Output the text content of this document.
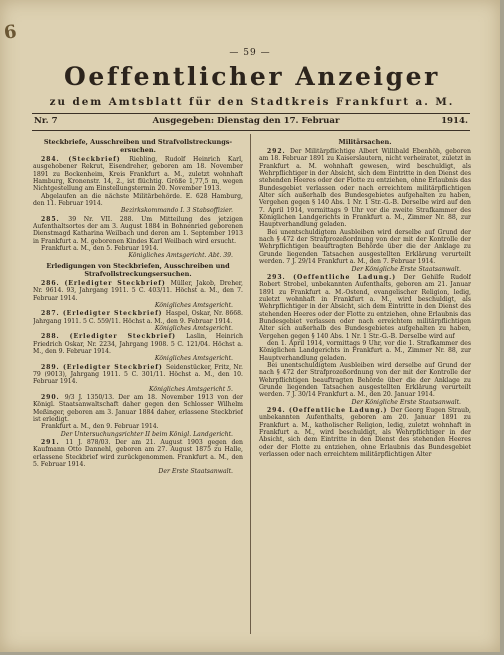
6
— 59 —
Oeffentlicher Anzeiger
zu dem Amtsblatt für den Stadtkreis Frankfurt a. M.
Nr. 7	Ausgegeben: Dienstag den 17. Februar	1914.
Steckbriefe, Ausschreiben und Strafvollstreckungs-ersuchen.

284. (Steckbrief) Riebling, Rudolf Heinrich Karl, ausgehobener Rekrut, Eisendreher, geboren am 18. November 1891 zu Bockenheim, Kreis Frankfurt a. M., zuletzt wohnhaft Hamburg, Kronenstr. 14, 2., ist flüchtig. Größe 1,77,5 m, wegen Nichtgestellung am Einstellungstermin 20. November 1913.

Abgelaufen an die nächste Militärbehörde. E. 628 Hamburg, den 11. Februar 1914.

Bezirkskommando I. 3 Stabsoffizier.

285. 39 Nr. VII. 288. Um Mitteilung des jetzigen Aufenthaltsortes der am 3. August 1884 in Bohnenried geborenen Dienstmagd Katharina Weilbach und deren am 1. September 1913 in Frankfurt a. M. geborenen Kindes Karl Weilbach wird ersucht.

Frankfurt a. M., den 5. Februar 1914.

Königliches Amtsgericht. Abt. 39.

Erledigungen von Steckbriefen, Ausschreiben und Strafvollstreckungsersuchen.

286. (Erledigter Steckbrief) Müller, Jakob, Dreher, Nr. 9614. 93, Jahrgang 1911. 5 C. 403/11. Höchst a. M., den 7. Februar 1914.

Königliches Amtsgericht.

287. (Erledigter Steckbrief) Haspel, Oskar, Nr. 8668. Jahrgang 1911. 5 C. 559/11. Höchst a. M., den 9. Februar 1914.

Königliches Amtsgericht.

288. (Erledigter Steckbrief) Laslin, Heinrich Friedrich Oskar, Nr. 2234, Jahrgang 1908. 5 C. 121/04. Höchst a. M., den 9. Februar 1914.

Königliches Amtsgericht.

289. (Erledigter Steckbrief) Seidenstücker, Fritz, Nr. 79 (9013), Jahrgang 1911. 5 C. 301/11. Höchst a. M., den 10. Februar 1914.

Königliches Amtsgericht 5.

290. 9/3 J. 1350/13. Der am 18. November 1913 von der Königl. Staatsanwaltschaft daher gegen den Schlosser Wilhelm Meßinger, geboren am 3. Januar 1884 daher, erlassene Steckbrief ist erledigt.

Frankfurt a. M., den 9. Februar 1914.

Der Untersuchungsrichter II beim Königl. Landgericht.

291. 11 J. 878/03. Der am 21. August 1903 gegen den Kaufmann Otto Dannehl, geboren am 27. August 1875 zu Halle, erlassene Steckbrief wird zurückgenommen. Frankfurt a. M., den 5. Februar 1914.

Der Erste Staatsanwalt.

Militärsachen.

292. Der Militärpflichtige Albert Willibald Ebenhöh, geboren am 18. Februar 1891 zu Kaiserslautern, nicht verheiratet, zuletzt in Frankfurt a. M. wohnhaft gewesen, wird beschuldigt, als Wehrpflichtiger in der Absicht, sich dem Eintritte in den Dienst des stehenden Heeres oder der Flotte zu entziehen, ohne Erlaubnis das Bundesgebiet verlassen oder nach erreichtem militärpflichtigen Alter sich außerhalb des Bundesgebietes aufgehalten zu haben, Vergehen gegen § 140 Abs. 1 Nr. 1 Str.-G.-B. Derselbe wird auf den 7. April 1914, vormittags 9 Uhr vor die zweite Strafkammer des Königlichen Landgerichts in Frankfurt a. M., Zimmer Nr. 88, zur Hauptverhandlung geladen.

Bei unentschuldigtem Ausbleiben wird derselbe auf Grund der nach § 472 der Strafprozeßordnung von der mit der Kontrolle der Wehrpflichtigen beauftragten Behörde über die der Anklage zu Grunde liegenden Tatsachen ausgestellten Erklärung verurteilt werden. 7 J. 29/14 Frankfurt a. M., den 7. Februar 1914.

Der Königliche Erste Staatsanwalt.

293. (Oeffentliche Ladung.) Der Gehilfe Rudolf Robert Strobel, unbekannten Aufenthalts, geboren am 21. Januar 1891 zu Frankfurt a. M.-Ostend, evangelischer Religion, ledig, zuletzt wohnhaft in Frankfurt a. M., wird beschuldigt, als Wehrpflichtiger in der Absicht, sich dem Eintritte in den Dienst des stehenden Heeres oder der Flotte zu entziehen, ohne Erlaubnis das Bundesgebiet verlassen oder nach erreichtem militärpflichtigen Alter sich außerhalb des Bundesgebietes aufgehalten zu haben, Vergehen gegen § 140 Abs. 1 Nr. 1 Str.-G.-B. Derselbe wird auf

den 1. April 1914, vormittags 9 Uhr, vor die 1. Strafkammer des Königlichen Landgerichts in Frankfurt a. M., Zimmer Nr. 88, zur Hauptverhandlung geladen.

Bei unentschuldigtem Ausbleiben wird derselbe auf Grund der nach § 472 der Strafprozeßordnung von der mit der Kontrolle der Wehrpflichtigen beauftragten Behörde über die der Anklage zu Grunde liegenden Tatsachen ausgestellten Erklärung verurteilt werden. 7 J. 30/14 Frankfurt a. M., den 20. Januar 1914.

Der Königliche Erste Staatsanwalt.

294. (Oeffentliche Ladung.) Der Georg Eugen Straub, unbekannten Aufenthalts, geboren am 20. Januar 1891 zu Frankfurt a. M., katholischer Religion, ledig, zuletzt wohnhaft in Frankfurt a. M., wird beschuldigt, als Wehrpflichtiger in der Absicht, sich dem Eintritte in den Dienst des stehenden Heeres oder der Flotte zu entziehen, ohne Erlaubnis das Bundesgebiet verlassen oder nach erreichtem militärpflichtigen Alter
